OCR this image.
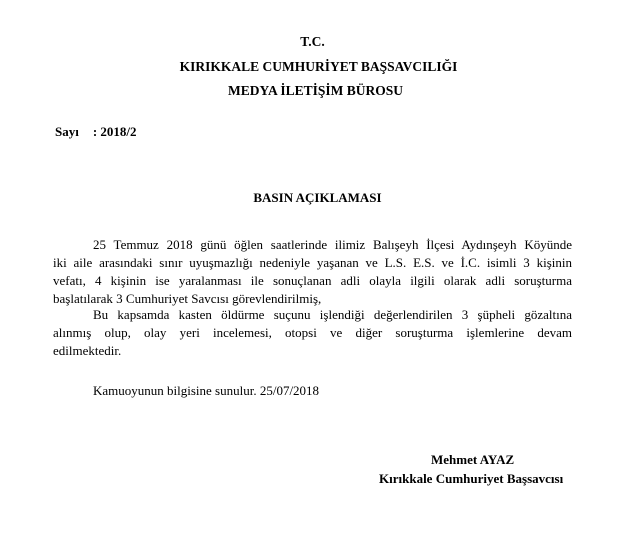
T.C.
KIRIKKALE CUMHURİYET BAŞSAVCILIĞI
MEDYA İLETİŞİM BÜROSU
Sayı : 2018/2
BASIN AÇIKLAMASI
25 Temmuz 2018 günü öğlen saatlerinde ilimiz Balışeyh İlçesi Aydınşeyh Köyünde
iki aile arasındaki sınır uyuşmazlığı nedeniyle yaşanan ve L.S. E.S. ve İ.C. isimli 3 kişinin
vefatı, 4 kişinin ise yaralanması ile sonuçlanan adli olayla ilgili olarak adli soruşturma
başlatılarak 3 Cumhuriyet Savcısı görevlendirilmiş,
Bu kapsamda kasten öldürme suçunu işlendiği değerlendirilen 3 şüpheli gözaltına
alınmış olup, olay yeri incelemesi, otopsi ve diğer soruşturma işlemlerine devam
edilmektedir.
Kamuoyunun bilgisine sunulur. 25/07/2018
Mehmet AYAZ
Kırıkkale Cumhuriyet Başsavcısı
